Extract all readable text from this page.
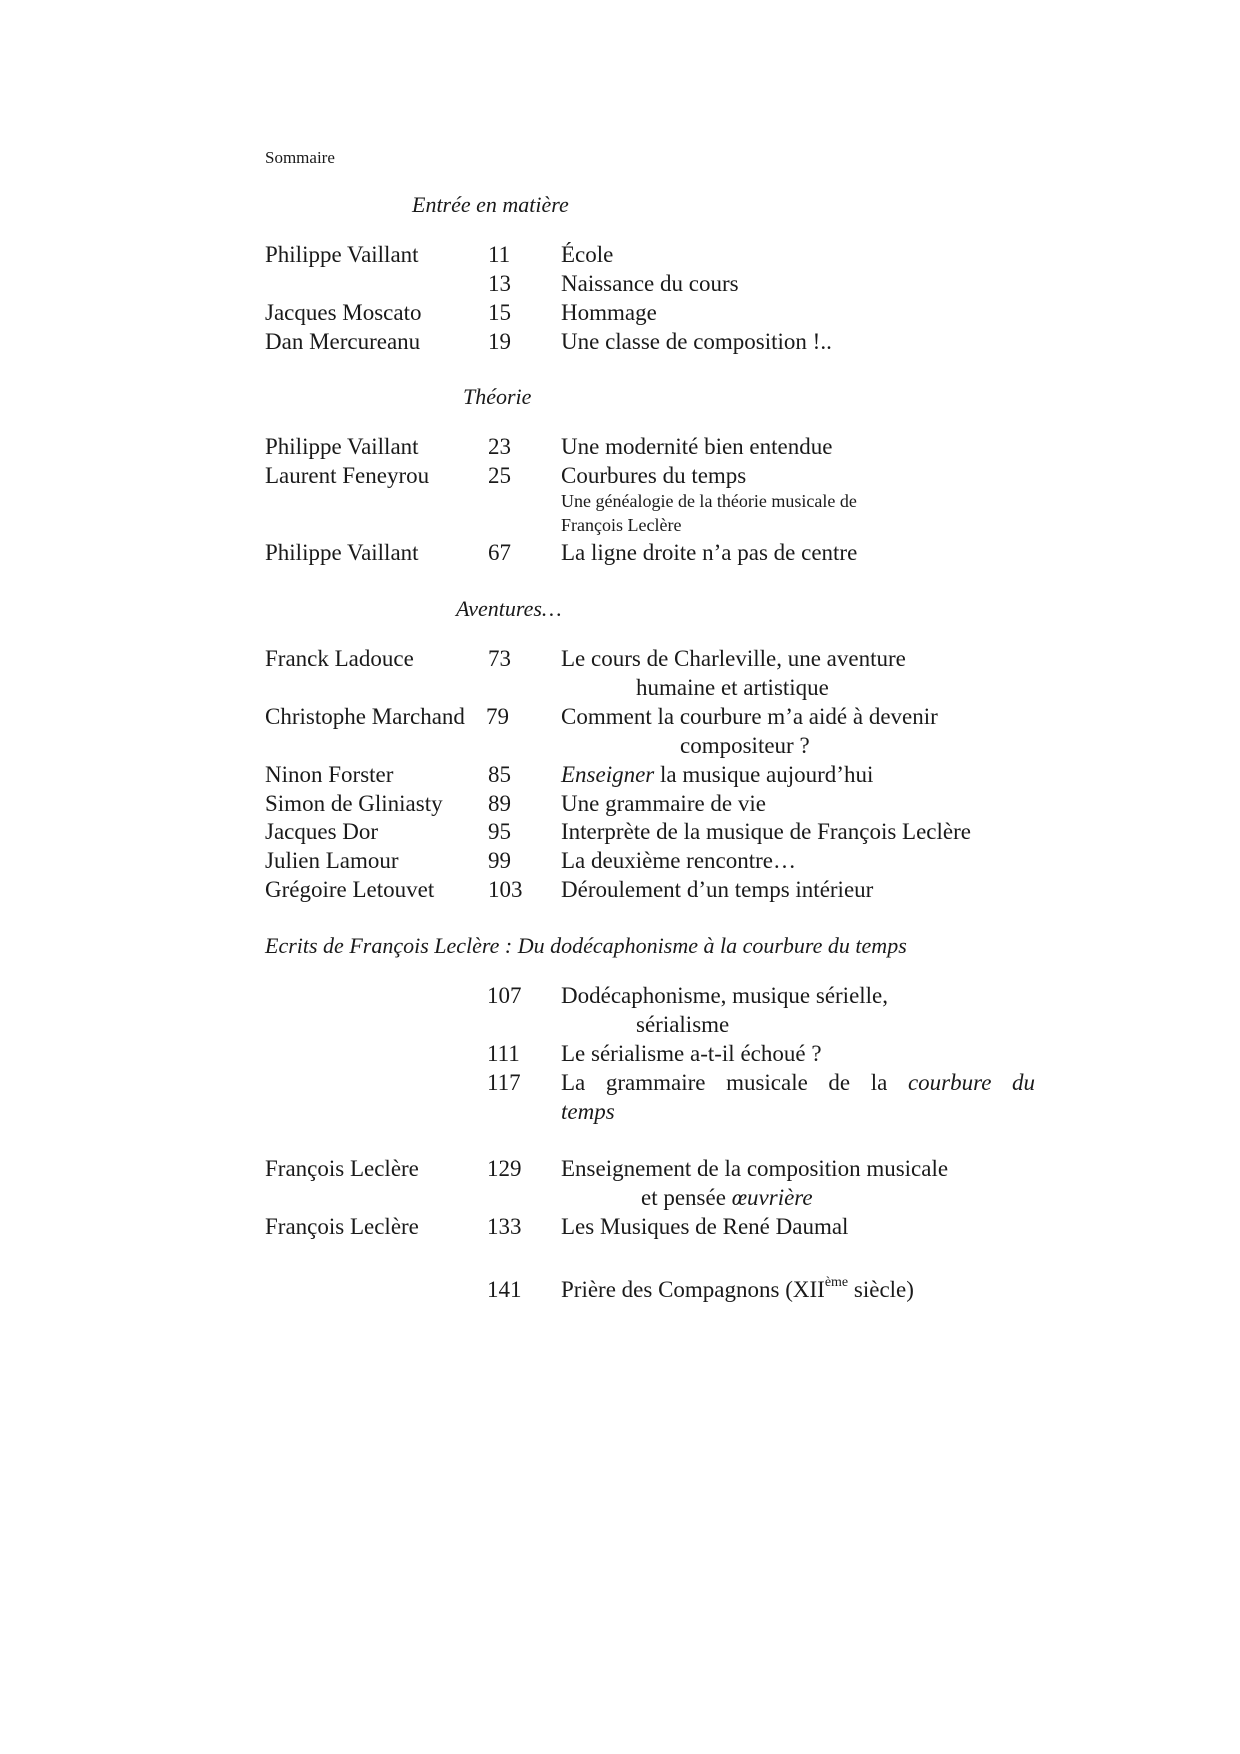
Sommaire
Entrée en matière
Philippe Vaillant	11 École
13 Naissance du cours
Jacques Moscato	15 Hommage
Dan Mercureanu	19 Une classe de composition !..
Théorie
Philippe Vaillant	23 Une modernité bien entendue
Laurent Feneyrou	25 Courbures du temps
Une généalogie de la théorie musicale de
François Leclère
Philippe Vaillant	67 La ligne droite n’a pas de centre
Aventures…
Franck Ladouce	73 Le cours de Charleville, une aventure
humaine et artistique
Christophe Marchand 79 Comment la courbure m’a aidé à devenir
compositeur ?
Ninon Forster	85 Enseigner la musique aujourd’hui
Simon de Gliniasty 89 Une grammaire de vie
Jacques Dor	95 Interprète de la musique de François Leclère
Julien Lamour	99 La deuxième rencontre…
Grégoire Letouvet 103 Déroulement d’un temps intérieur
Ecrits de François Leclère : Du dodécaphonisme à la courbure du temps
107 Dodécaphonisme, musique sérielle,
sérialisme
111 Le sérialisme a-t-il échoué ?
117 La grammaire musicale de la courbure du
temps
François Leclère	129 Enseignement de la composition musicale
et pensée œuvrière
François Leclère	133 Les Musiques de René Daumal
141 Prière des Compagnons (XIIème siècle)
